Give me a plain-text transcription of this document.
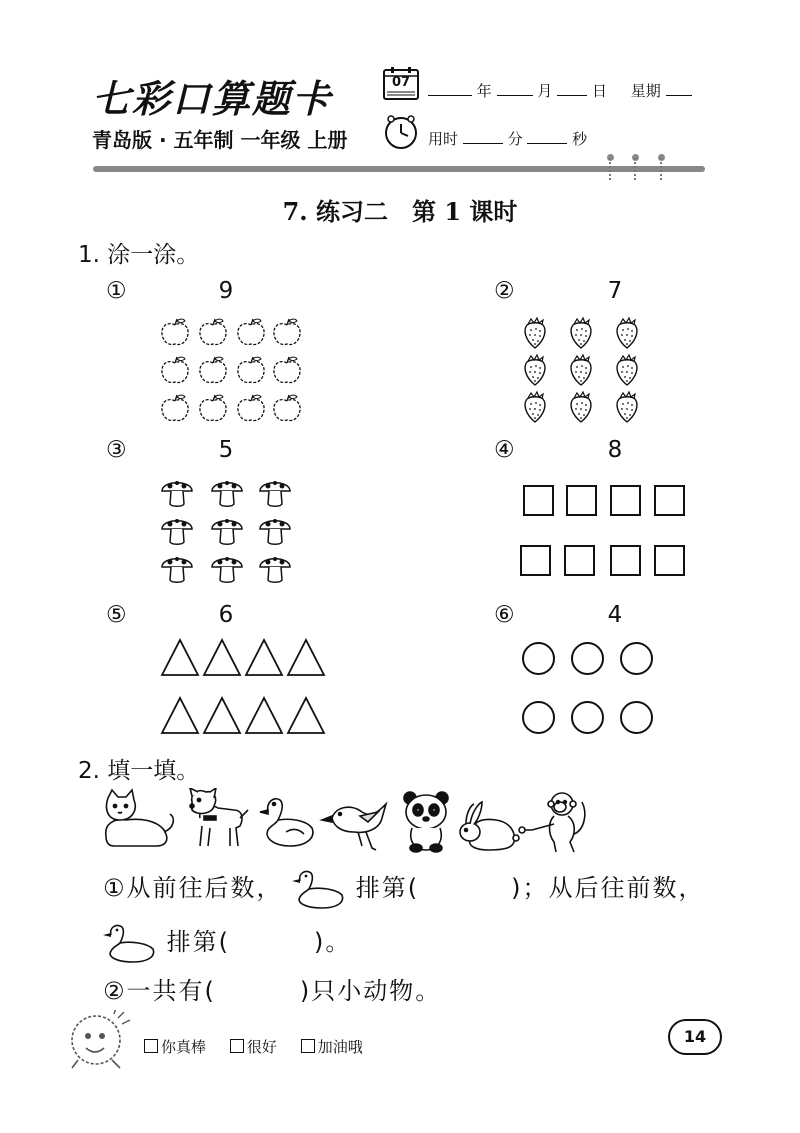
七彩口算题卡	07	年	月	日 星期
青岛版 · 五年制 一年级 上册	用时	分	秒
7. 练习二　第 1 课时
1. 涂一涂。
①	9	②	7
③	5	④	8
⑤	6	⑥	4
2. 填一填。
①从前往后数，	排第(	)；从后往前数，
排第(	)。
②一共有(	)只小动物。
你真棒	很好	加油哦
14
